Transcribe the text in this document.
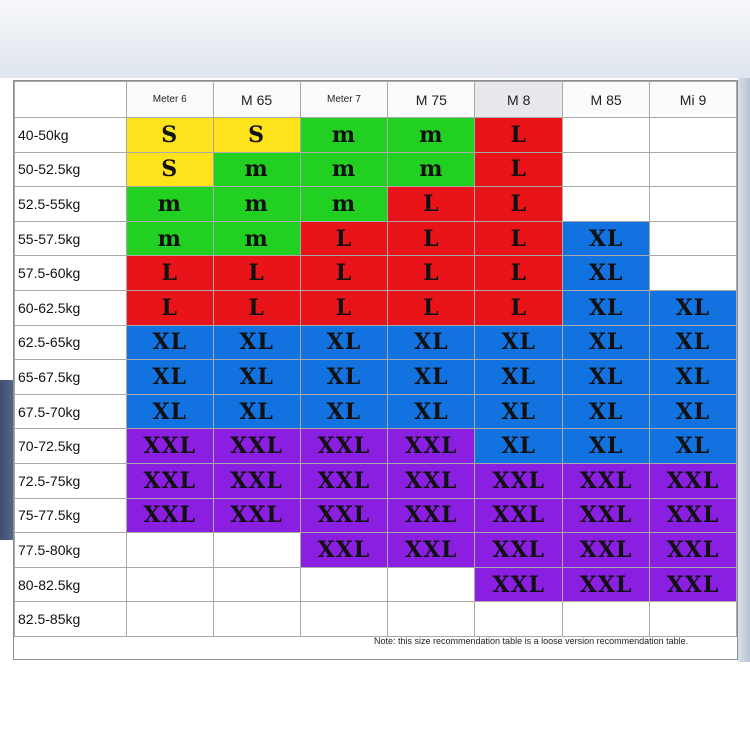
	Meter 6	M 65	Meter 7	M 75	M 8	M 85	Mi 9
40-50kg	S	S	m	m	L		
50-52.5kg	S	m	m	m	L		
52.5-55kg	m	m	m	L	L		
55-57.5kg	m	m	L	L	L	XL	
57.5-60kg	L	L	L	L	L	XL	
60-62.5kg	L	L	L	L	L	XL	XL
62.5-65kg	XL	XL	XL	XL	XL	XL	XL
65-67.5kg	XL	XL	XL	XL	XL	XL	XL
67.5-70kg	XL	XL	XL	XL	XL	XL	XL
70-72.5kg	XXL	XXL	XXL	XXL	XL	XL	XL
72.5-75kg	XXL	XXL	XXL	XXL	XXL	XXL	XXL
75-77.5kg	XXL	XXL	XXL	XXL	XXL	XXL	XXL
77.5-80kg			XXL	XXL	XXL	XXL	XXL
80-82.5kg					XXL	XXL	XXL
82.5-85kg							
Note: this size recommendation table is a loose version recommendation table.
